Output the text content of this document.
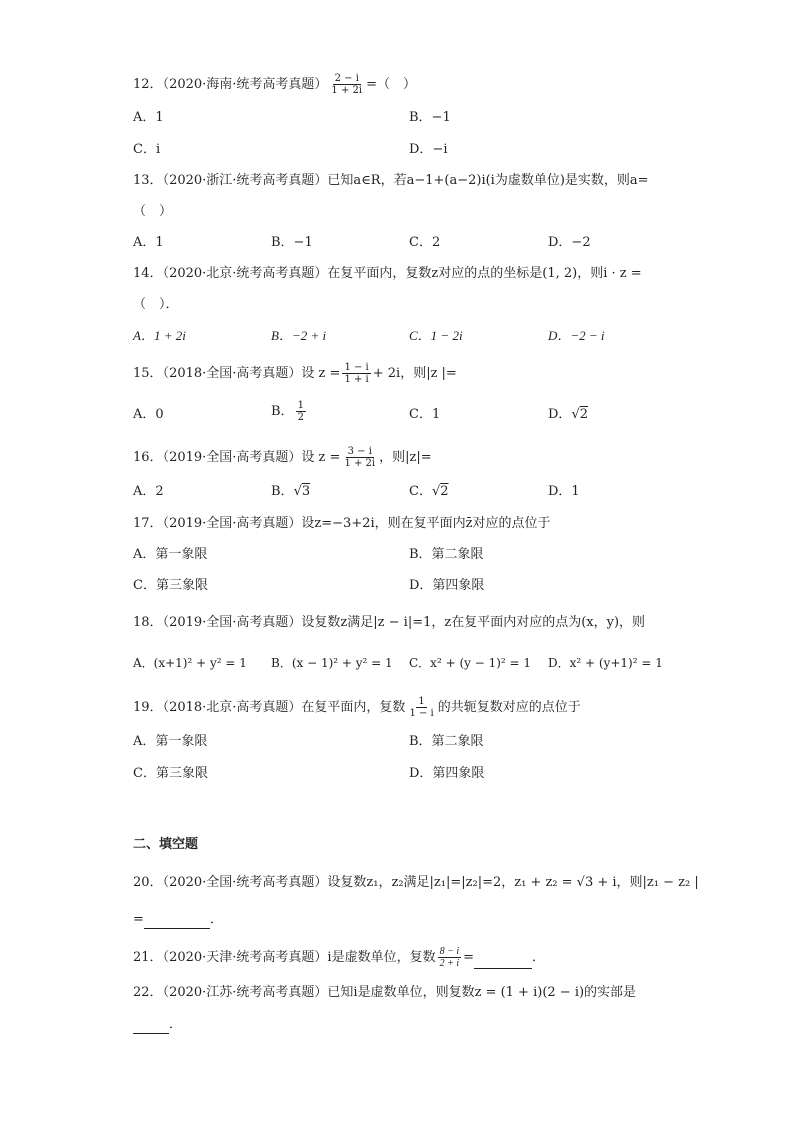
12．（2020·海南·统考高考真题） $\frac{2 - i}{1 + 2i}$ =（　）
A．1	B．−1
C．i	D．−i
13．（2020·浙江·统考高考真题）已知a∈R，若a−1+(a−2)i(i为虚数单位)是实数，则a=
（　）
A．1	B．−1	C．2	D．−2
14．（2020·北京·统考高考真题）在复平面内，复数z对应的点的坐标是(1, 2)，则i · z =
（　）．
A．1 + 2i	B．−2 + i	C．1 − 2i	D．−2 − i
15．（2018·全国·高考真题）设 $z = \frac{1 - i}{1 + i} + 2i$，则|z |=
A．0	B． $\frac{1}{2}$	C．1	D．√2
16．（2019·全国·高考真题）设 $z = \frac{3 - i}{1 + 2i}$ ，则|z|=
A．2	B．√3	C．√2	D．1
17．（2019·全国·高考真题）设z=−3+2i，则在复平面内z̄对应的点位于
A．第一象限	B．第二象限
C．第三象限	D．第四象限
18．（2019·全国·高考真题）设复数z满足|z − i|=1，z在复平面内对应的点为(x，y)，则
A．(x+1)² + y² = 1 B．(x − 1)² + y² = 1 C．x² + (y − 1)² = 1 D．x² + (y+1)² = 1
19．（2018·北京·高考真题）在复平面内，复数 $\frac{1}{1 - i}$ 的共轭复数对应的点位于
A．第一象限	B．第二象限
C．第三象限	D．第四象限
二、填空题
20．（2020·全国·统考高考真题）设复数z₁，z₂满足|z₁|=|z₂|=2，z₁ + z₂ = √3 + i，则|z₁ − z₂ |
=	．
21．（2020·天津·统考高考真题）i是虚数单位，复数 $\frac{8 - i}{2 + i}$ =	．
22．（2020·江苏·统考高考真题）已知i是虚数单位，则复数z = (1 + i)(2 − i)的实部是
．
